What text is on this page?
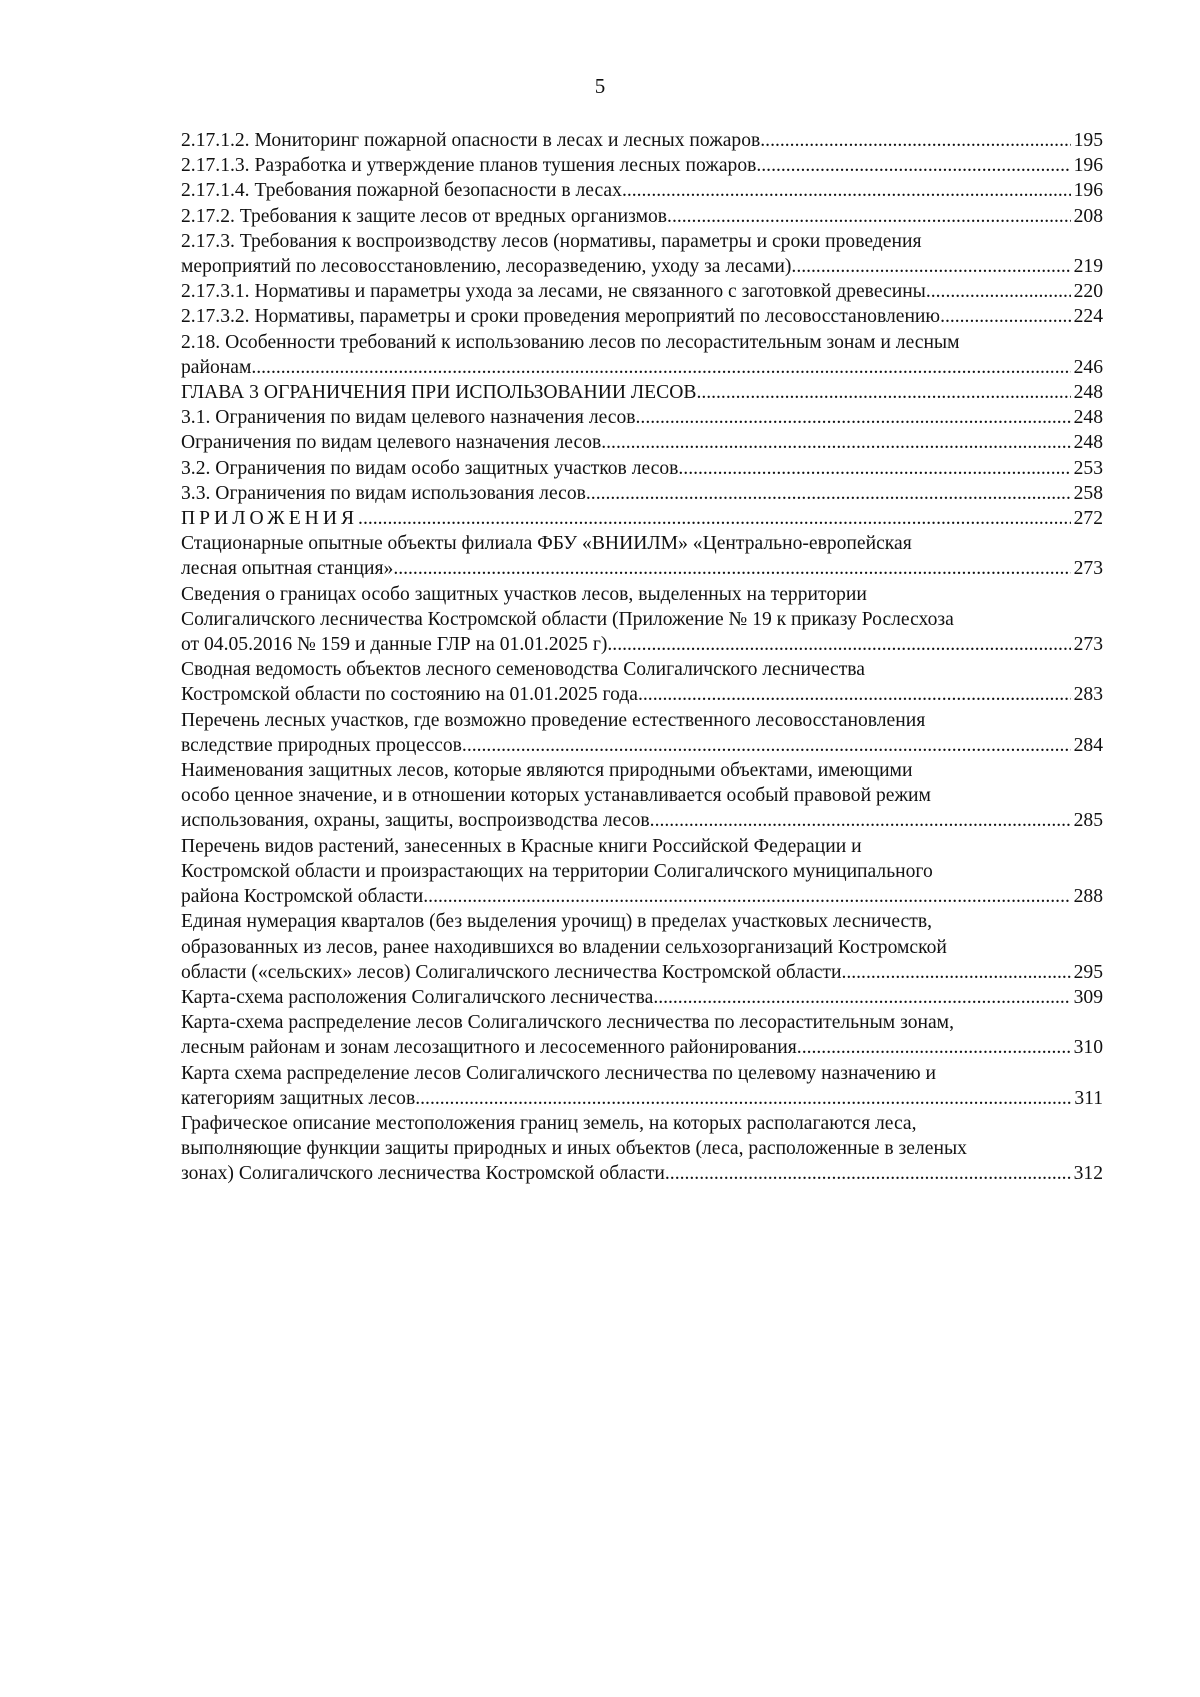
5
2.17.1.2. Мониторинг пожарной опасности в лесах и лесных пожаров. .....	195
2.17.1.3. Разработка и утверждение планов тушения лесных пожаров .....	196
2.17.1.4. Требования пожарной безопасности в лесах .....	196
2.17.2. Требования к защите лесов от вредных организмов .....	208
2.17.3. Требования к воспроизводству лесов (нормативы, параметры и сроки проведения
мероприятий по лесовосстановлению, лесоразведению, уходу за лесами) .....	219
2.17.3.1. Нормативы и параметры ухода за лесами, не связанного с заготовкой древесины .....	220
2.17.3.2. Нормативы, параметры и сроки проведения мероприятий по лесовосстановлению .....	224
2.18. Особенности требований к использованию лесов по лесорастительным зонам и лесным
районам .....	246
ГЛАВА 3 ОГРАНИЧЕНИЯ ПРИ ИСПОЛЬЗОВАНИИ ЛЕСОВ .....	248
3.1. Ограничения по видам целевого назначения лесов .....	248
Ограничения по видам целевого назначения лесов .....	248
3.2. Ограничения по видам особо защитных участков лесов .....	253
3.3. Ограничения по видам использования лесов .....	258
ПРИЛОЖЕНИЯ .....	272
Стационарные опытные объекты филиала ФБУ «ВНИИЛМ» «Центрально-европейская
лесная опытная станция» .....	273
Сведения о границах особо защитных участков лесов, выделенных на территории
Солигаличского лесничества Костромской области (Приложение № 19 к приказу Рослесхоза
от 04.05.2016 № 159 и данные ГЛР на 01.01.2025 г) .....	273
Сводная ведомость объектов лесного семеноводства Солигаличского лесничества
Костромской области по состоянию на 01.01.2025 года .....	283
Перечень лесных участков, где возможно проведение естественного лесовосстановления
вследствие природных процессов .....	284
Наименования защитных лесов, которые являются природными объектами, имеющими
особо ценное значение, и в отношении которых устанавливается особый правовой режим
использования, охраны, защиты, воспроизводства лесов .....	285
Перечень видов растений, занесенных в Красные книги Российской Федерации и
Костромской области и произрастающих на территории Солигаличского муниципального
района Костромской области .....	288
Единая нумерация кварталов (без выделения урочищ) в пределах участковых лесничеств,
образованных из лесов, ранее находившихся во владении сельхозорганизаций Костромской
области («сельских» лесов) Солигаличского лесничества Костромской области. .....	295
Карта-схема расположения Солигаличского лесничества .....	309
Карта-схема распределение лесов Солигаличского лесничества по лесорастительным зонам,
лесным районам и зонам лесозащитного и лесосеменного районирования .....	310
Карта схема распределение лесов Солигаличского лесничества по целевому назначению и
категориям защитных лесов .....	311
Графическое описание местоположения границ земель, на которых располагаются леса,
выполняющие функции защиты природных и иных объектов (леса, расположенные в зеленых
зонах) Солигаличского лесничества Костромской области .....	312
